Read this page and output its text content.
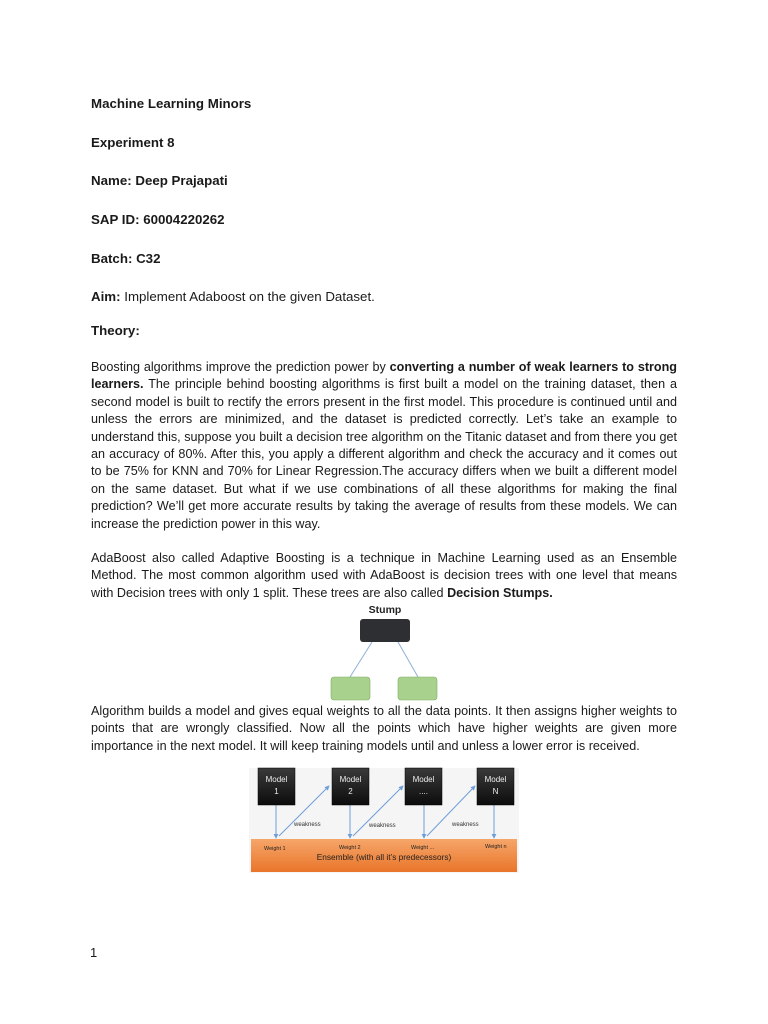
Machine Learning Minors
Experiment 8
Name: Deep Prajapati
SAP ID: 60004220262
Batch: C32
Aim: Implement Adaboost on the given Dataset.
Theory:

Boosting algorithms improve the prediction power by converting a number of weak learners to strong learners. The principle behind boosting algorithms is first built a model on the training dataset, then a second model is built to rectify the errors present in the first model. This procedure is continued until and unless the errors are minimized, and the dataset is predicted correctly. Let’s take an example to understand this, suppose you built a decision tree algorithm on the Titanic dataset and from there you get an accuracy of 80%. After this, you apply a different algorithm and check the accuracy and it comes out to be 75% for KNN and 70% for Linear Regression.The accuracy differs when we built a different model on the same dataset. But what if we use combinations of all these algorithms for making the final prediction? We’ll get more accurate results by taking the average of results from these models. We can increase the prediction power in this way.

AdaBoost also called Adaptive Boosting is a technique in Machine Learning used as an Ensemble Method. The most common algorithm used with AdaBoost is decision trees with one level that means with Decision trees with only 1 split. These trees are also called Decision Stumps.

Stump

Algorithm builds a model and gives equal weights to all the data points. It then assigns higher weights to points that are wrongly classified. Now all the points which have higher weights are given more importance in the next model. It will keep training models until and unless a lower error is received.

Ensemble (with all it’s predecessors)
Weight 1	Weight 2	Weight ...	Weight n
weakness	weakness	weakness
Model
1
Model
2
Model
....
Model
N
1
